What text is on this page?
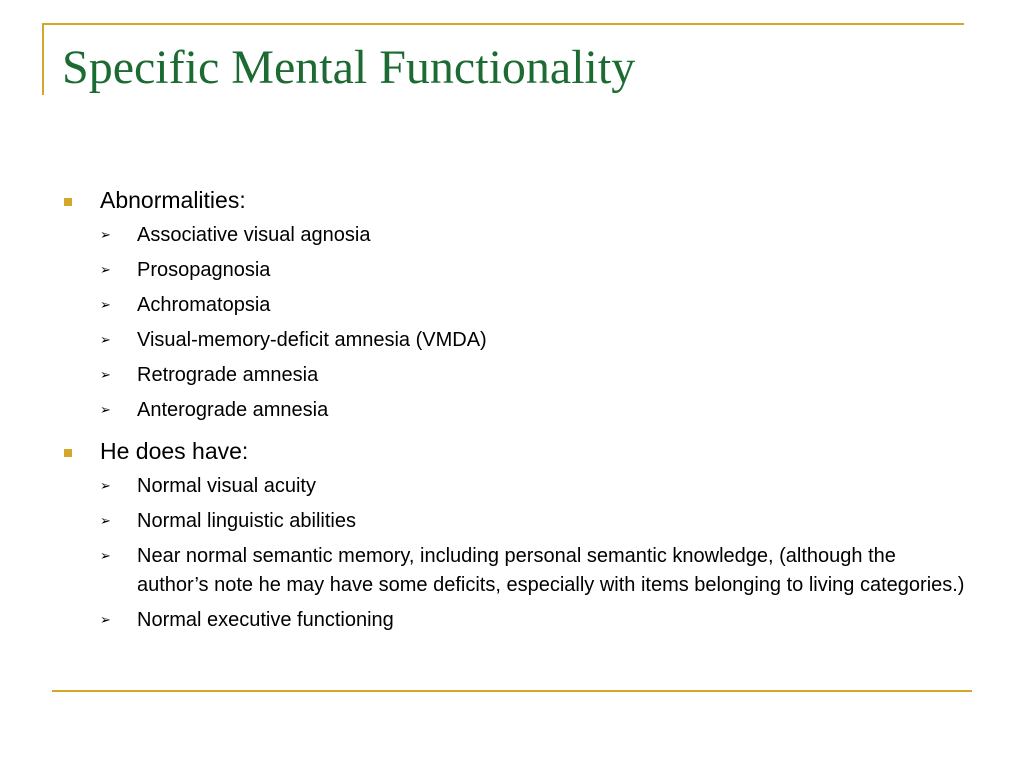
Specific Mental Functionality
Abnormalities:
➢ Associative visual agnosia
➢ Prosopagnosia
➢ Achromatopsia
➢ Visual-memory-deficit amnesia (VMDA)
➢ Retrograde amnesia
➢ Anterograde amnesia
He does have:
➢ Normal visual acuity
➢ Normal linguistic abilities
➢ Near normal semantic memory, including personal semantic knowledge, (although the author’s note he may have some deficits, especially with items belonging to living categories.)
➢ Normal executive functioning
